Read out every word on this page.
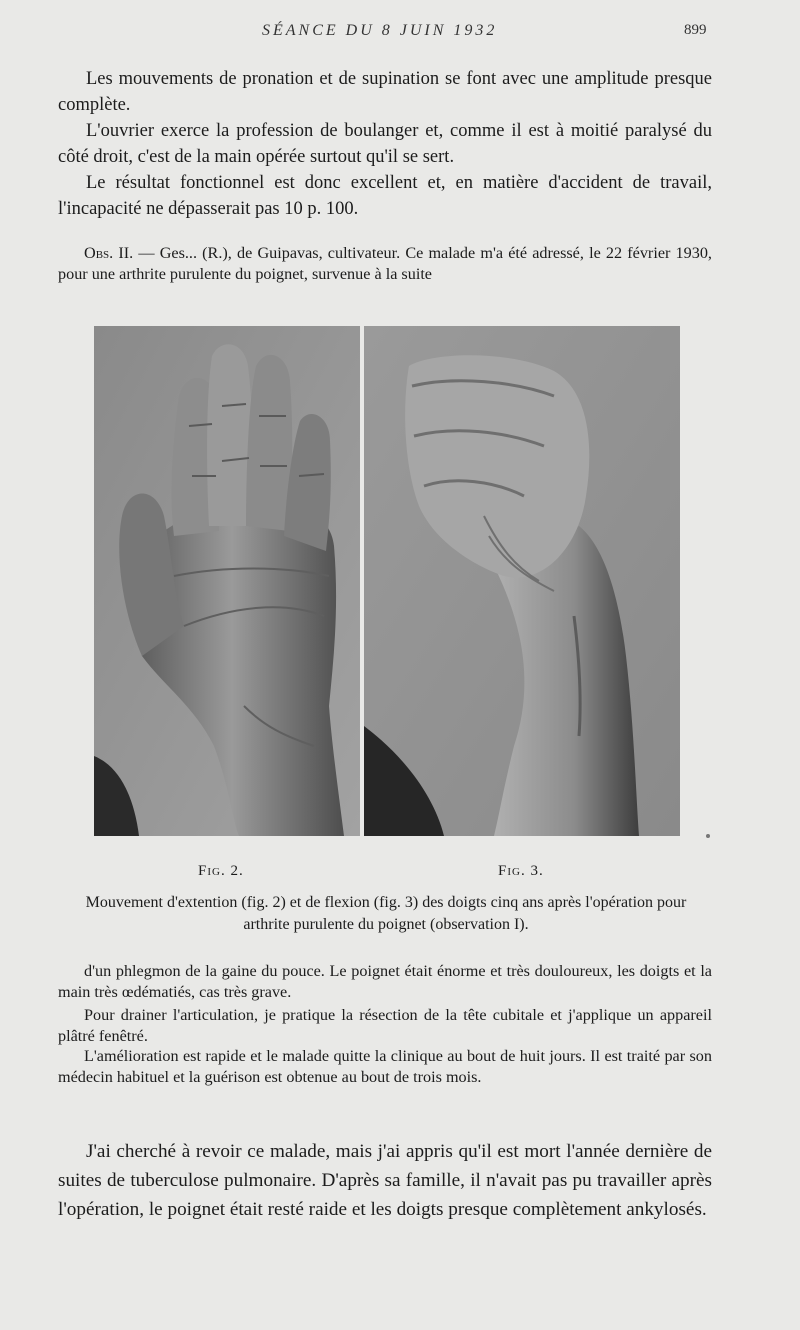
SÉANCE DU 8 JUIN 1932	899

Les mouvements de pronation et de supination se font avec une amplitude presque complète.

L'ouvrier exerce la profession de boulanger et, comme il est à moitié paralysé du côté droit, c'est de la main opérée surtout qu'il se sert.

Le résultat fonctionnel est donc excellent et, en matière d'accident de travail, l'incapacité ne dépasserait pas 10 p. 100.

Obs. II. — Ges... (R.), de Guipavas, cultivateur. Ce malade m'a été adressé, le 22 février 1930, pour une arthrite purulente du poignet, survenue à la suite

Fig. 2.	Fig. 3.

Mouvement d'extention (fig. 2) et de flexion (fig. 3) des doigts cinq ans après l'opération pour arthrite purulente du poignet (observation I).

d'un phlegmon de la gaine du pouce. Le poignet était énorme et très douloureux, les doigts et la main très œdématiés, cas très grave.

Pour drainer l'articulation, je pratique la résection de la tête cubitale et j'applique un appareil plâtré fenêtré.

L'amélioration est rapide et le malade quitte la clinique au bout de huit jours. Il est traité par son médecin habituel et la guérison est obtenue au bout de trois mois.

J'ai cherché à revoir ce malade, mais j'ai appris qu'il est mort l'année dernière de suites de tuberculose pulmonaire. D'après sa famille, il n'avait pas pu travailler après l'opération, le poignet était resté raide et les doigts presque complètement ankylosés.
